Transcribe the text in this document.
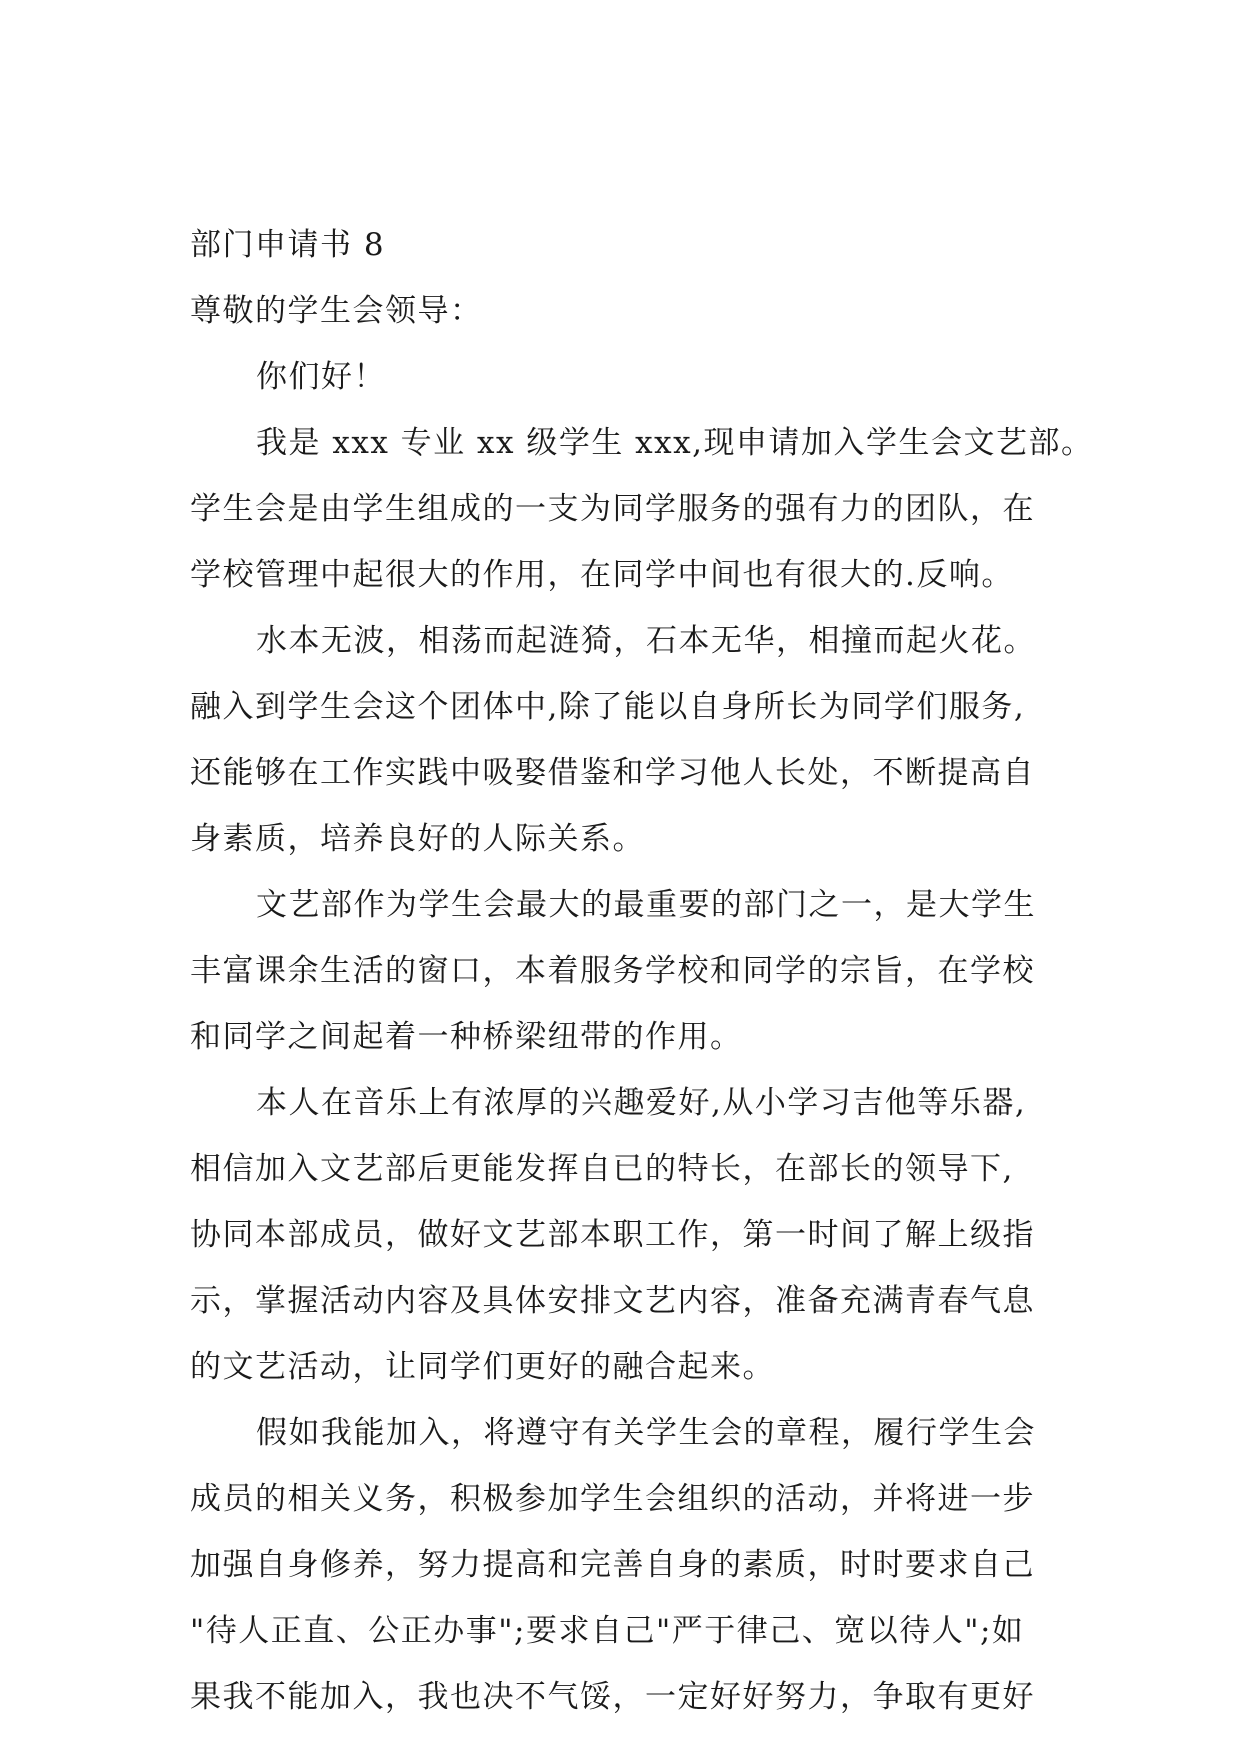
部门申请书 8
尊敬的学生会领导：
你们好！
我是 xxx 专业 xx 级学生 xxx,现申请加入学生会文艺部。
学生会是由学生组成的一支为同学服务的强有力的团队，在
学校管理中起很大的作用，在同学中间也有很大的.反响。
水本无波，相荡而起涟猗，石本无华，相撞而起火花。
融入到学生会这个团体中,除了能以自身所长为同学们服务,
还能够在工作实践中吸娶借鉴和学习他人长处，不断提高自
身素质，培养良好的人际关系。
文艺部作为学生会最大的最重要的部门之一，是大学生
丰富课余生活的窗口，本着服务学校和同学的宗旨，在学校
和同学之间起着一种桥梁纽带的作用。
本人在音乐上有浓厚的兴趣爱好,从小学习吉他等乐器,
相信加入文艺部后更能发挥自已的特长，在部长的领导下,
协同本部成员，做好文艺部本职工作，第一时间了解上级指
示，掌握活动内容及具体安排文艺内容，准备充满青春气息
的文艺活动，让同学们更好的融合起来。
假如我能加入，将遵守有关学生会的章程，履行学生会
成员的相关义务，积极参加学生会组织的活动，并将进一步
加强自身修养，努力提高和完善自身的素质，时时要求自己
"待人正直、公正办事";要求自己"严于律己、宽以待人";如
果我不能加入，我也决不气馁，一定好好努力，争取有更好
